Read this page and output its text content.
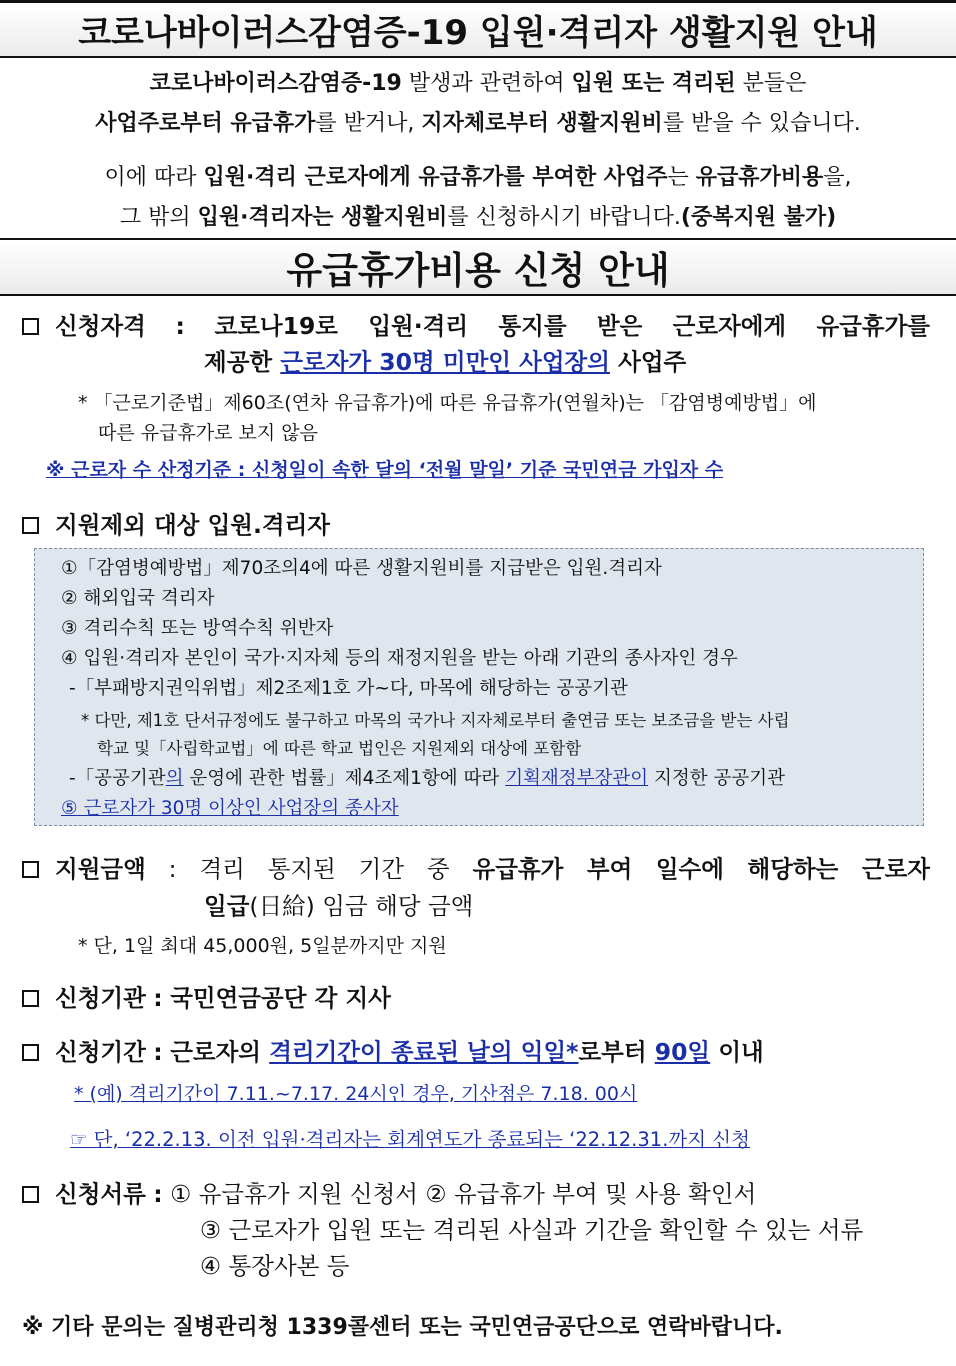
코로나바이러스감염증-19 입원·격리자 생활지원 안내
코로나바이러스감염증-19 발생과 관련하여 입원 또는 격리된 분들은
사업주로부터 유급휴가를 받거나, 지자체로부터 생활지원비를 받을 수 있습니다.
이에 따라 입원·격리 근로자에게 유급휴가를 부여한 사업주는 유급휴가비용을,
그 밖의 입원·격리자는 생활지원비를 신청하시기 바랍니다.(중복지원 불가)
유급휴가비용 신청 안내
신청자격 : 코로나19로 입원·격리 통지를 받은 근로자에게 유급휴가를
제공한 근로자가 30명 미만인 사업장의 사업주
* 「근로기준법」제60조(연차 유급휴가)에 따른 유급휴가(연월차)는 「감염병예방법」에
따른 유급휴가로 보지 않음
※ 근로자 수 산정기준 : 신청일이 속한 달의 ‘전월 말일’ 기준 국민연금 가입자 수
지원제외 대상 입원.격리자
①「감염병예방법」제70조의4에 따른 생활지원비를 지급받은 입원.격리자
② 해외입국 격리자
③ 격리수칙 또는 방역수칙 위반자
④ 입원·격리자 본인이 국가·지자체 등의 재정지원을 받는 아래 기관의 종사자인 경우
-「부패방지권익위법」제2조제1호 가~다, 마목에 해당하는 공공기관
* 다만, 제1호 단서규정에도 불구하고 마목의 국가나 지자체로부터 출연금 또는 보조금을 받는 사립
학교 및「사립학교법」에 따른 학교 법인은 지원제외 대상에 포함함
-「공공기관의 운영에 관한 법률」제4조제1항에 따라 기획재정부장관이 지정한 공공기관
⑤ 근로자가 30명 이상인 사업장의 종사자
지원금액 : 격리 통지된 기간 중 유급휴가 부여 일수에 해당하는 근로자
일급(日給) 임금 해당 금액
* 단, 1일 최대 45,000원, 5일분까지만 지원
신청기관 : 국민연금공단 각 지사
신청기간 : 근로자의 격리기간이 종료된 날의 익일*로부터 90일 이내
* (예) 격리기간이 7.11.~7.17. 24시인 경우, 기산점은 7.18. 00시
☞ 단, ‘22.2.13. 이전 입원·격리자는 회계연도가 종료되는 ‘22.12.31.까지 신청
신청서류 : ① 유급휴가 지원 신청서 ② 유급휴가 부여 및 사용 확인서
③ 근로자가 입원 또는 격리된 사실과 기간을 확인할 수 있는 서류
④ 통장사본 등
※ 기타 문의는 질병관리청 1339콜센터 또는 국민연금공단으로 연락바랍니다.
